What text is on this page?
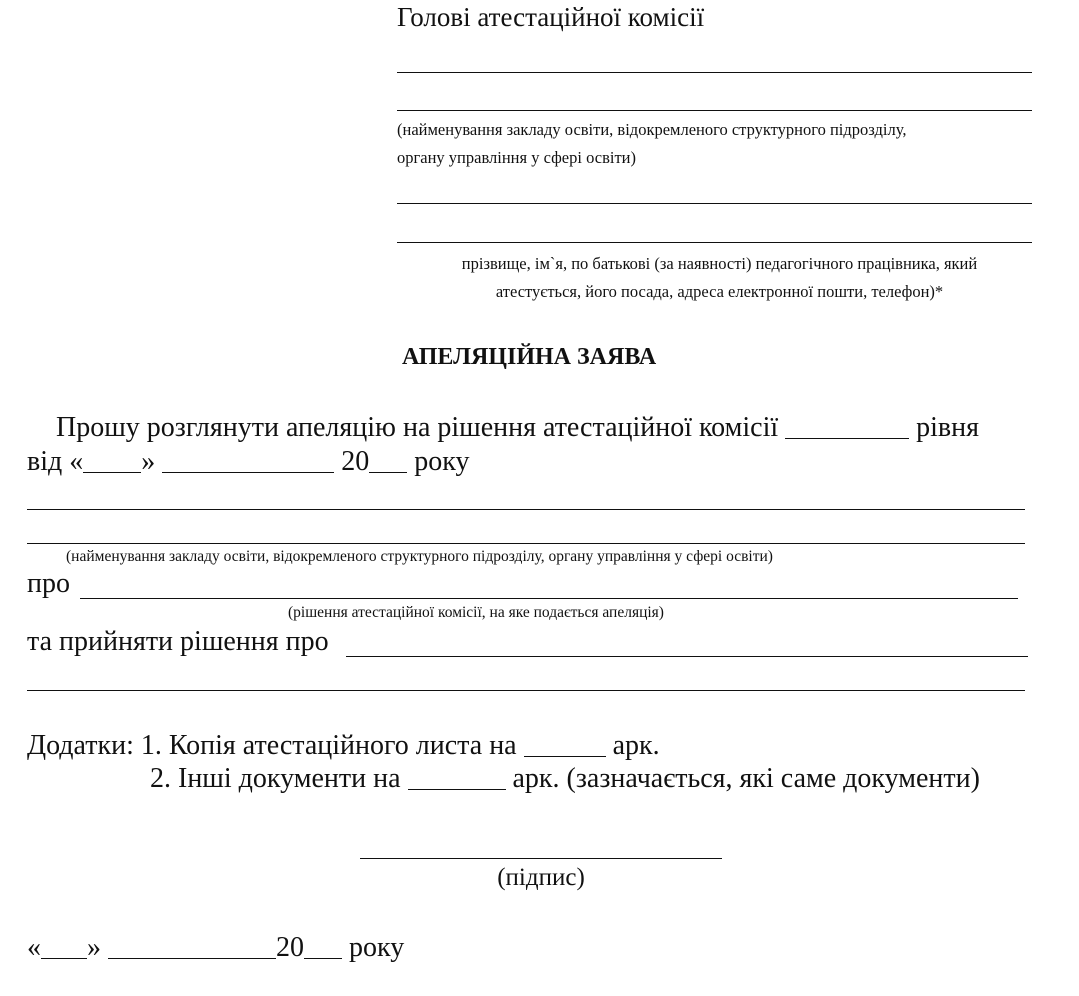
Голові атестаційної комісії
(найменування закладу освіти, відокремленого структурного підрозділу,
органу управління у сфері освіти)
прізвище, ім`я, по батькові (за наявності) педагогічного працівника, який
атестується, його посада, адреса електронної пошти, телефон)*
АПЕЛЯЦІЙНА ЗАЯВА
Прошу розглянути апеляцію на рішення атестаційної комісії	рівня
від « »	20 року
(найменування закладу освіти, відокремленого структурного підрозділу, органу управління у сфері освіти)
про
(рішення атестаційної комісії, на яке подається апеляція)
та прийняти рішення про
Додатки: 1. Копія атестаційного листа на	арк.
2. Інші документи на	арк. (зазначається, які саме документи)
(підпис)
« »	20 року
